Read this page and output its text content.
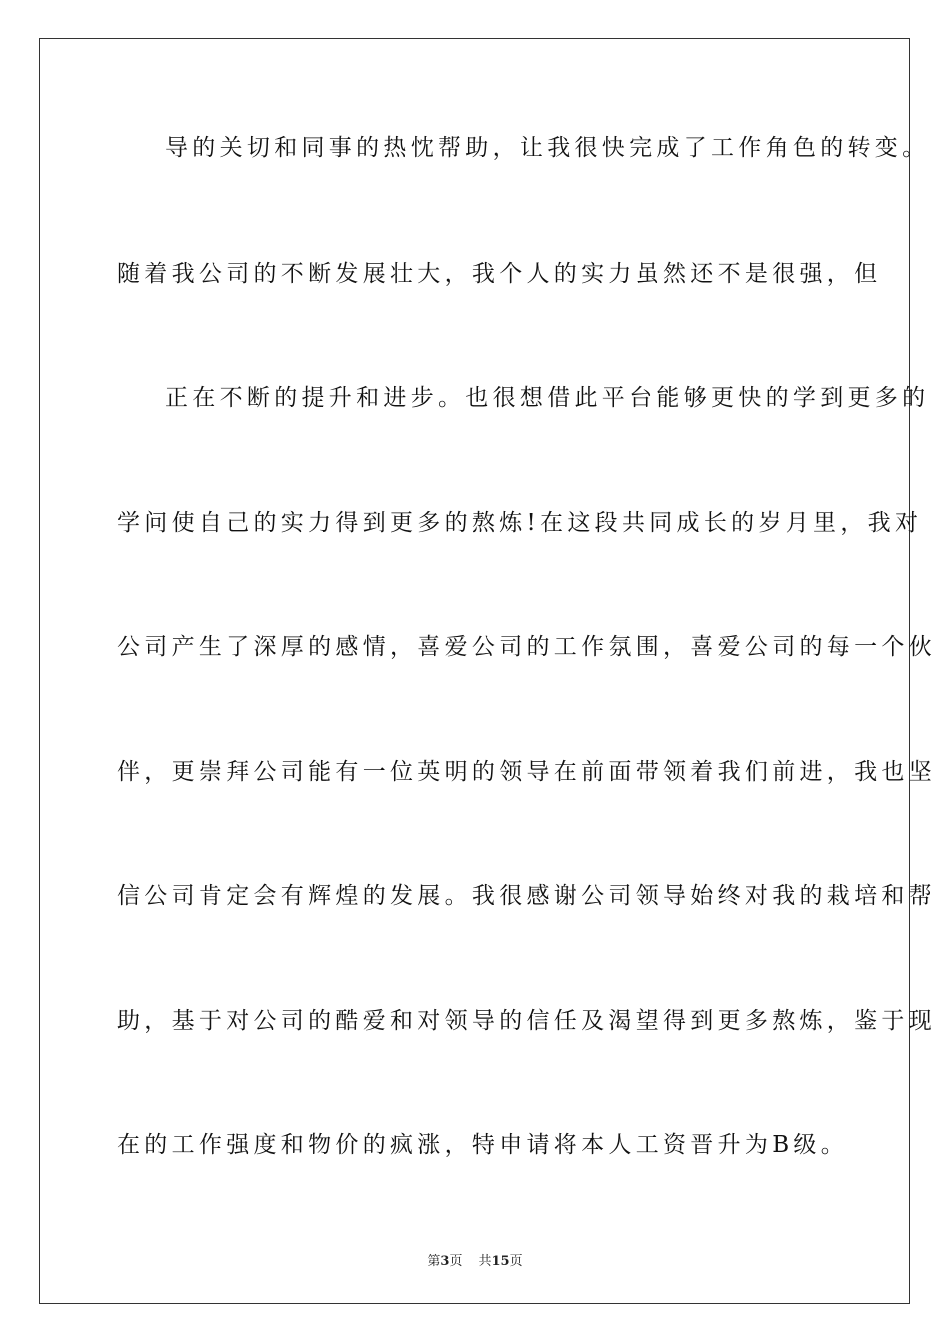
导的关切和同事的热忱帮助，让我很快完成了工作角色的转变。
随着我公司的不断发展壮大，我个人的实力虽然还不是很强，但
正在不断的提升和进步。也很想借此平台能够更快的学到更多的
学问使自己的实力得到更多的熬炼!在这段共同成长的岁月里，我对
公司产生了深厚的感情，喜爱公司的工作氛围，喜爱公司的每一个伙
伴，更崇拜公司能有一位英明的领导在前面带领着我们前进，我也坚
信公司肯定会有辉煌的发展。我很感谢公司领导始终对我的栽培和帮
助，基于对公司的酷爱和对领导的信任及渴望得到更多熬炼，鉴于现
在的工作强度和物价的疯涨，特申请将本人工资晋升为B级。
第3页 共15页
